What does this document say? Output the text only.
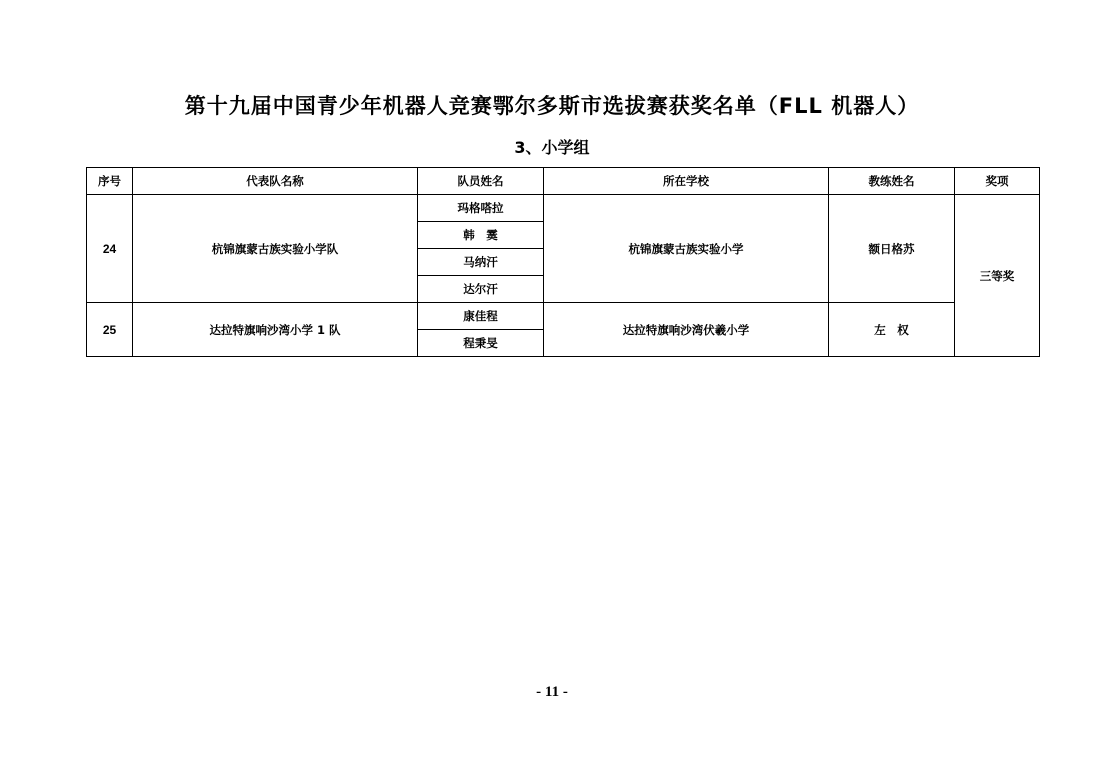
第十九届中国青少年机器人竞赛鄂尔多斯市选拔赛获奖名单（FLL 机器人）
3、小学组
序号	代表队名称	队员姓名	所在学校	教练姓名	奖项
24	杭锦旗蒙古族实验小学队	玛格嗒拉	杭锦旗蒙古族实验小学	额日格苏	三等奖
		韩　霙			
		马纳汗			
		达尔汗			
25	达拉特旗响沙湾小学 1 队	康佳程	达拉特旗响沙湾伏羲小学	左　权	
		程秉旻			
- 11 -
